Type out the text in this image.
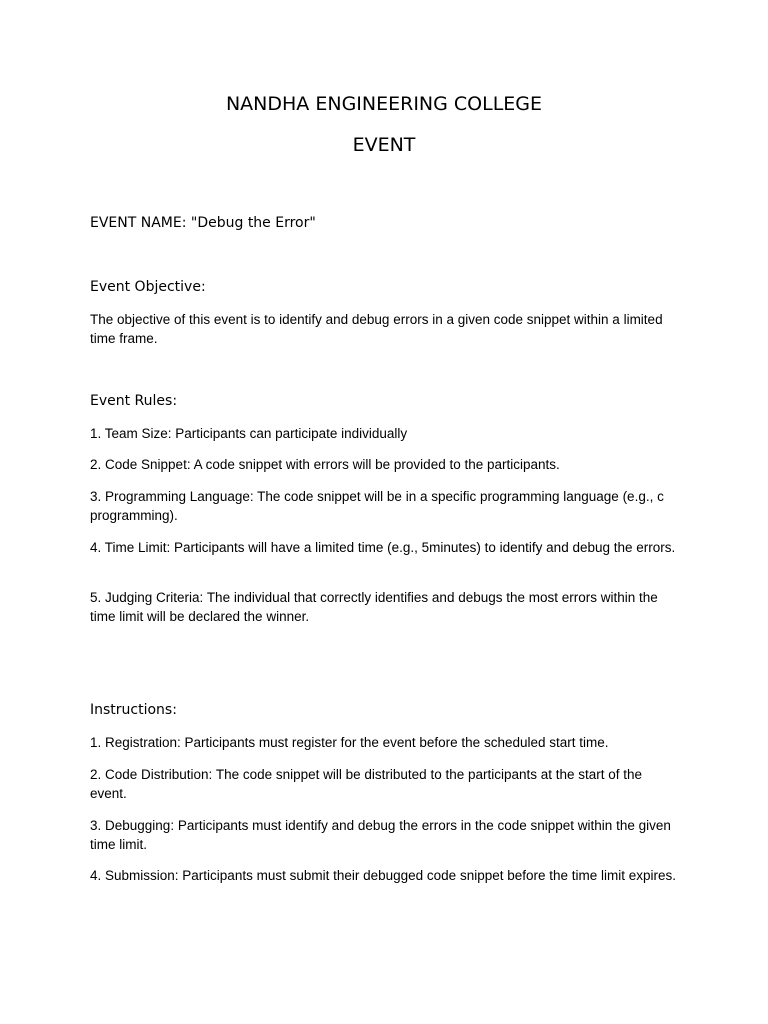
NANDHA ENGINEERING COLLEGE
EVENT
EVENT NAME: "Debug the Error"
Event Objective:
The objective of this event is to identify and debug errors in a given code snippet within a limited time frame.
Event Rules:
1. Team Size: Participants can participate individually
2. Code Snippet: A code snippet with errors will be provided to the participants.
3. Programming Language: The code snippet will be in a specific programming language (e.g., c programming).
4. Time Limit: Participants will have a limited time (e.g., 5minutes) to identify and debug the errors.
5. Judging Criteria: The individual that correctly identifies and debugs the most errors within the time limit will be declared the winner.
Instructions:
1. Registration: Participants must register for the event before the scheduled start time.
2. Code Distribution: The code snippet will be distributed to the participants at the start of the event.
3. Debugging: Participants must identify and debug the errors in the code snippet within the given time limit.
4. Submission: Participants must submit their debugged code snippet before the time limit expires.
